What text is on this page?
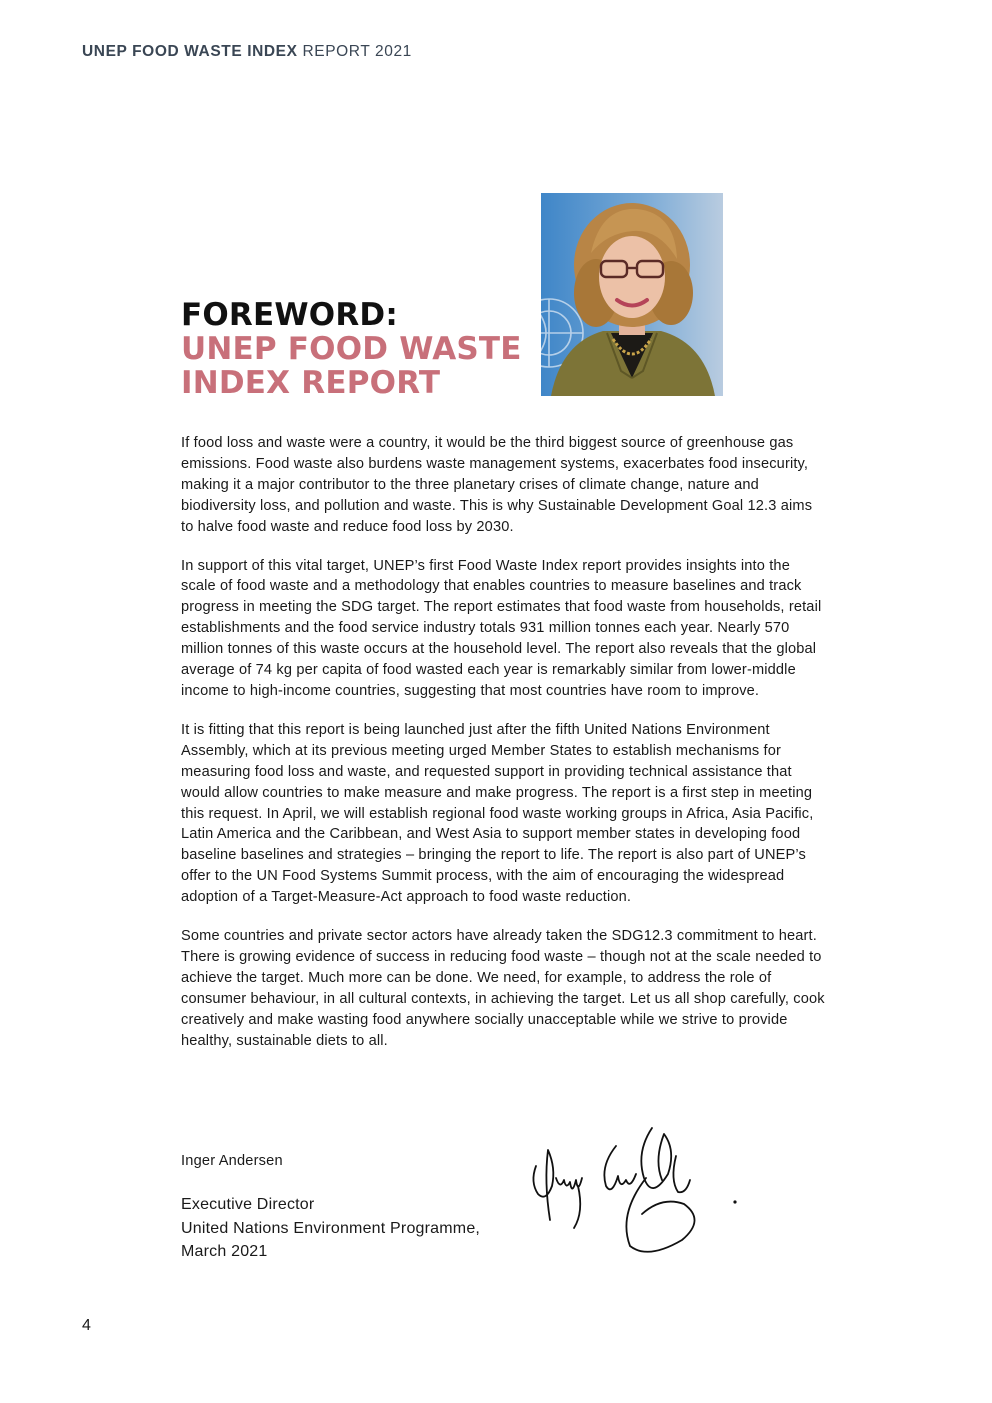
UNEP FOOD WASTE INDEX REPORT 2021
FOREWORD:
UNEP FOOD WASTE
INDEX REPORT

If food loss and waste were a country, it would be the third biggest source of greenhouse gas emissions. Food waste also burdens waste management systems, exacerbates food insecurity, making it a major contributor to the three planetary crises of climate change, nature and biodiversity loss, and pollution and waste. This is why Sustainable Development Goal 12.3 aims to halve food waste and reduce food loss by 2030.

In support of this vital target, UNEP’s first Food Waste Index report provides insights into the scale of food waste and a methodology that enables countries to measure baselines and track progress in meeting the SDG target. The report estimates that food waste from households, retail establishments and the food service industry totals 931 million tonnes each year. Nearly 570 million tonnes of this waste occurs at the household level. The report also reveals that the global average of 74 kg per capita of food wasted each year is remarkably similar from lower-middle income to high-income countries, suggesting that most countries have room to improve.

It is fitting that this report is being launched just after the fifth United Nations Environment Assembly, which at its previous meeting urged Member States to establish mechanisms for measuring food loss and waste, and requested support in providing technical assistance that would allow countries to make measure and make progress. The report is a first step in meeting this request. In April, we will establish regional food waste working groups in Africa, Asia Pacific, Latin America and the Caribbean, and West Asia to support member states in developing food baseline baselines and strategies – bringing the report to life. The report is also part of UNEP’s offer to the UN Food Systems Summit process, with the aim of encouraging the widespread adoption of a Target-Measure-Act approach to food waste reduction.

Some countries and private sector actors have already taken the SDG12.3 commitment to heart. There is growing evidence of success in reducing food waste – though not at the scale needed to achieve the target. Much more can be done. We need, for example, to address the role of consumer behaviour, in all cultural contexts, in achieving the target. Let us all shop carefully, cook creatively and make wasting food anywhere socially unacceptable while we strive to provide healthy, sustainable diets to all.

Inger Andersen
Executive Director
United Nations Environment Programme,
March 2021
4
